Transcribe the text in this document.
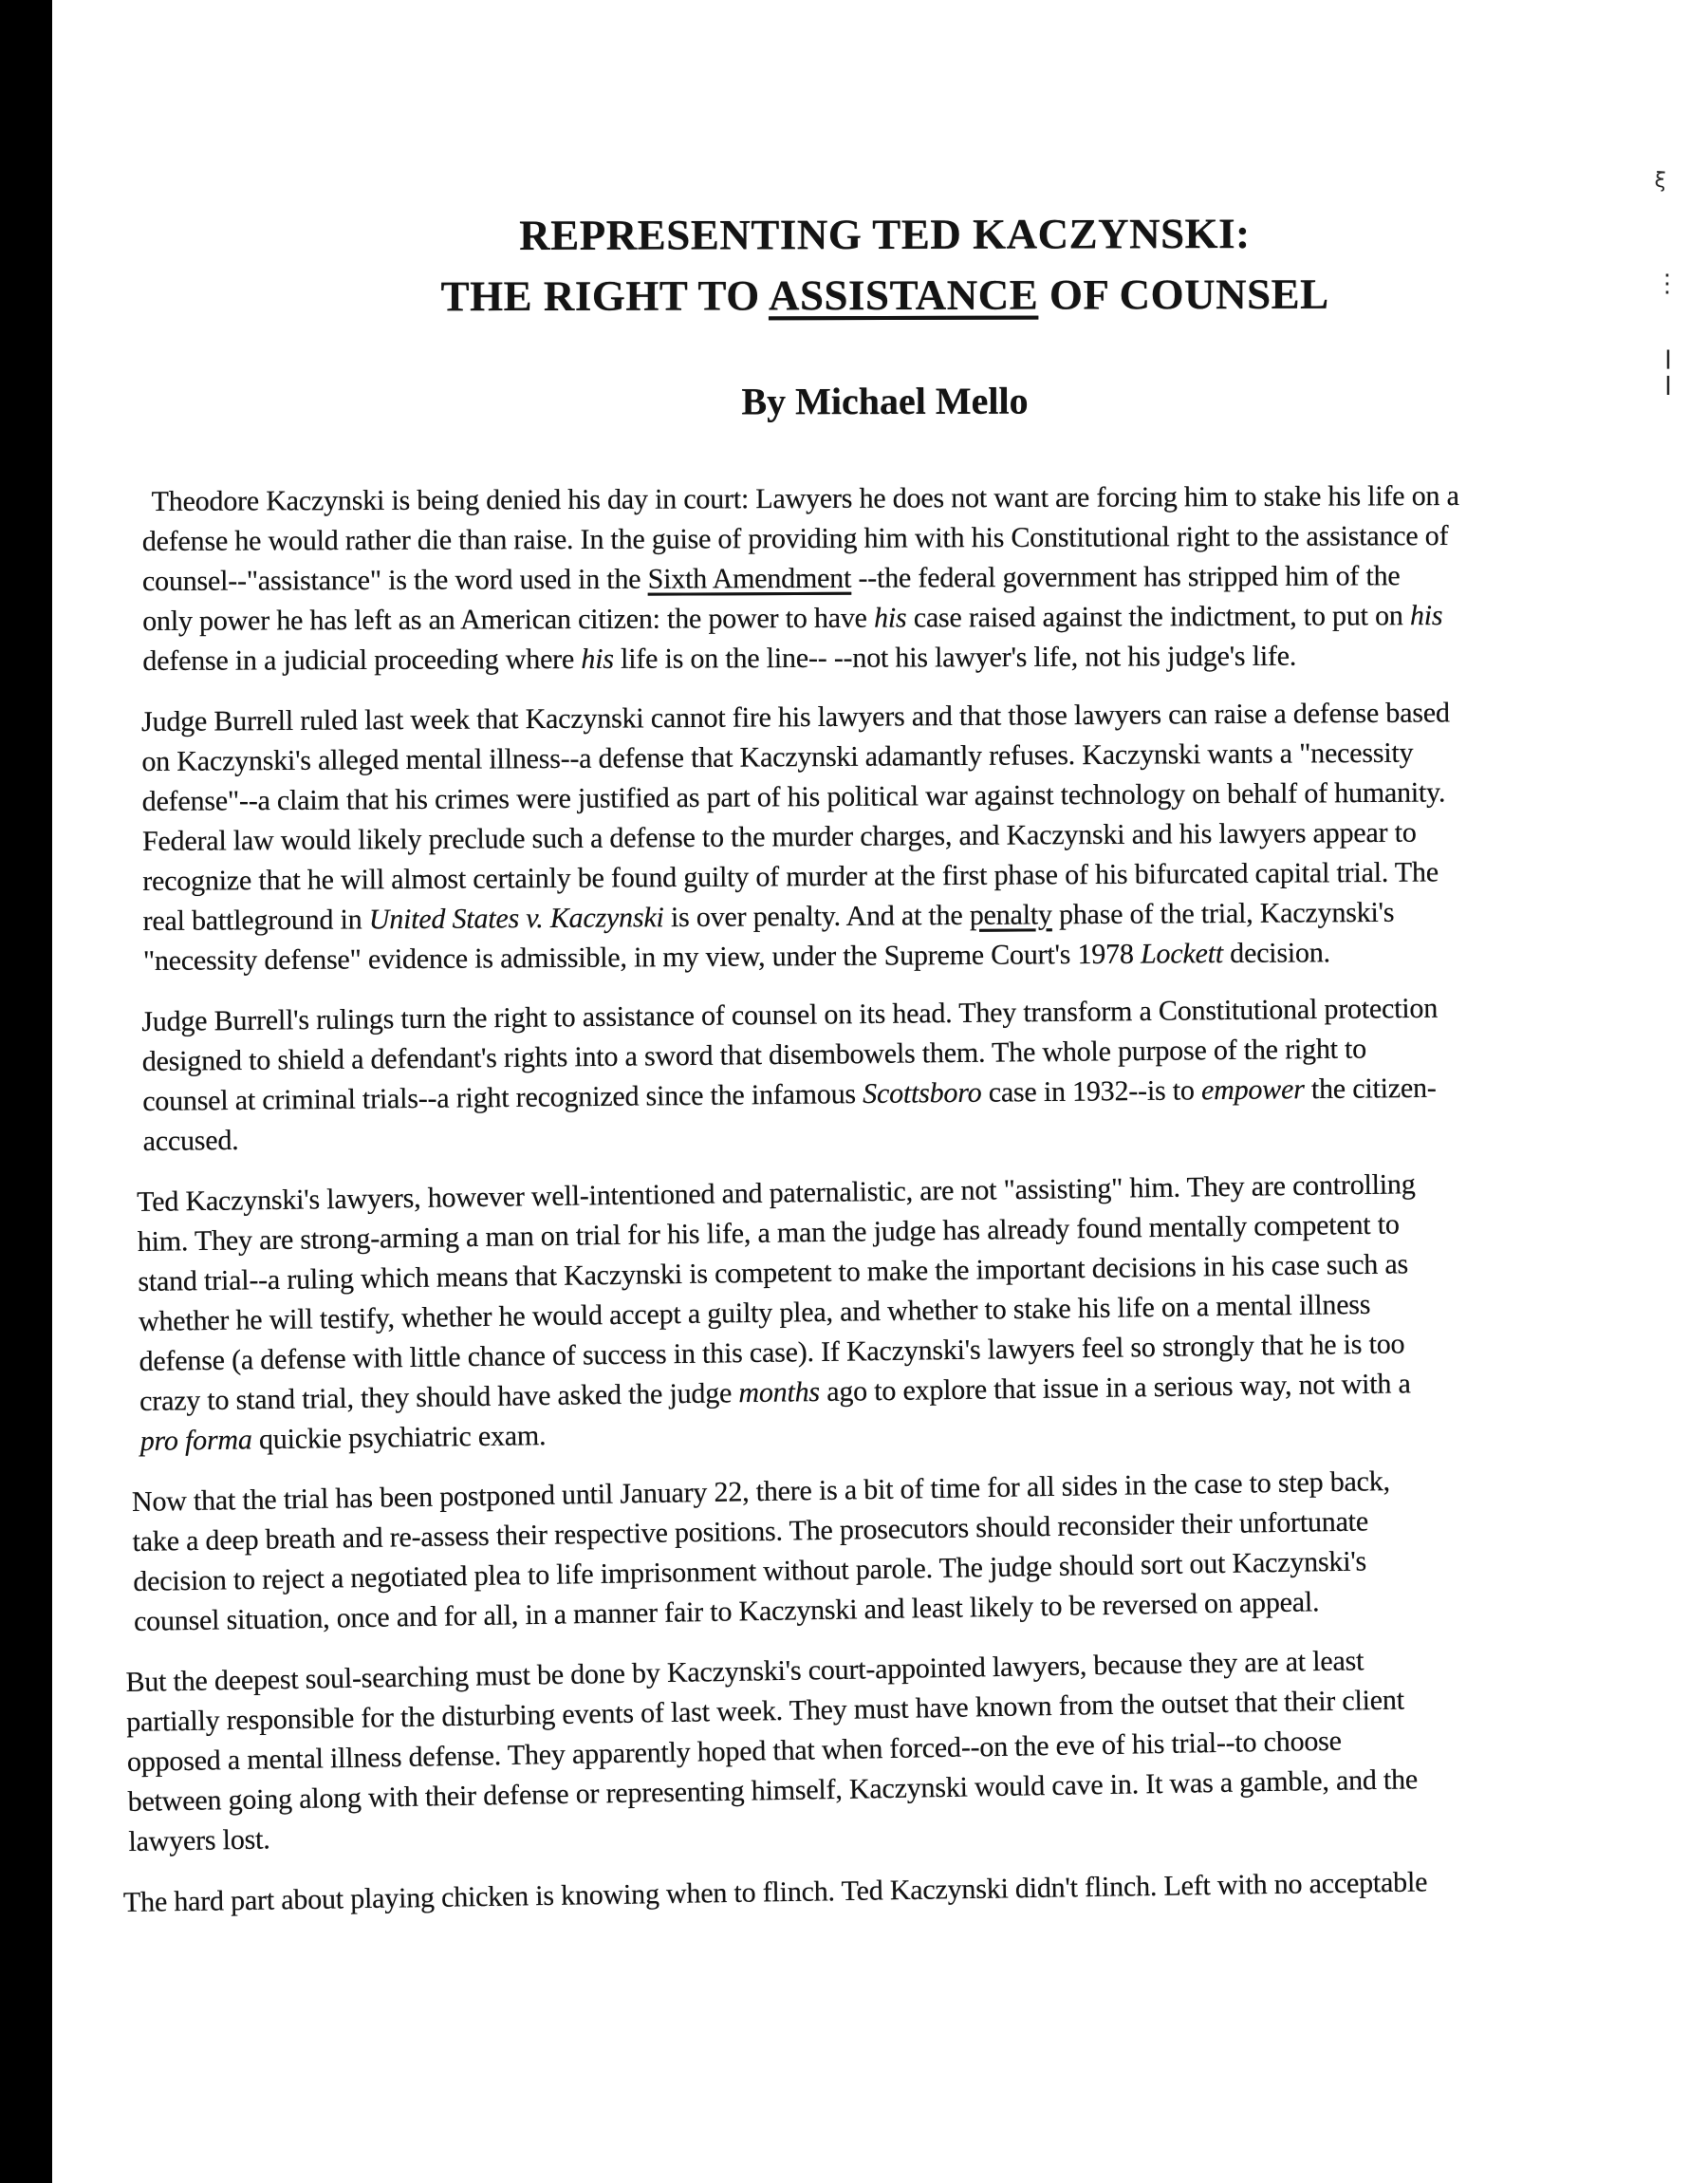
REPRESENTING TED KACZYNSKI:
THE RIGHT TO ASSISTANCE OF COUNSEL
By Michael Mello
Theodore Kaczynski is being denied his day in court: Lawyers he does not want are forcing him to stake his life on a
defense he would rather die than raise. In the guise of providing him with his Constitutional right to the assistance of
counsel--"assistance" is the word used in the Sixth Amendment --the federal government has stripped him of the
only power he has left as an American citizen: the power to have his case raised against the indictment, to put on his
defense in a judicial proceeding where his life is on the line-- --not his lawyer's life, not his judge's life.
Judge Burrell ruled last week that Kaczynski cannot fire his lawyers and that those lawyers can raise a defense based
on Kaczynski's alleged mental illness--a defense that Kaczynski adamantly refuses. Kaczynski wants a "necessity
defense"--a claim that his crimes were justified as part of his political war against technology on behalf of humanity.
Federal law would likely preclude such a defense to the murder charges, and Kaczynski and his lawyers appear to
recognize that he will almost certainly be found guilty of murder at the first phase of his bifurcated capital trial. The
real battleground in United States v. Kaczynski is over penalty. And at the penalty phase of the trial, Kaczynski's
"necessity defense" evidence is admissible, in my view, under the Supreme Court's 1978 Lockett decision.
Judge Burrell's rulings turn the right to assistance of counsel on its head. They transform a Constitutional protection
designed to shield a defendant's rights into a sword that disembowels them. The whole purpose of the right to
counsel at criminal trials--a right recognized since the infamous Scottsboro case in 1932--is to empower the citizen-
accused.
Ted Kaczynski's lawyers, however well-intentioned and paternalistic, are not "assisting" him. They are controlling
him. They are strong-arming a man on trial for his life, a man the judge has already found mentally competent to
stand trial--a ruling which means that Kaczynski is competent to make the important decisions in his case such as
whether he will testify, whether he would accept a guilty plea, and whether to stake his life on a mental illness
defense (a defense with little chance of success in this case). If Kaczynski's lawyers feel so strongly that he is too
crazy to stand trial, they should have asked the judge months ago to explore that issue in a serious way, not with a
pro forma quickie psychiatric exam.
Now that the trial has been postponed until January 22, there is a bit of time for all sides in the case to step back,
take a deep breath and re-assess their respective positions. The prosecutors should reconsider their unfortunate
decision to reject a negotiated plea to life imprisonment without parole. The judge should sort out Kaczynski's
counsel situation, once and for all, in a manner fair to Kaczynski and least likely to be reversed on appeal.
But the deepest soul-searching must be done by Kaczynski's court-appointed lawyers, because they are at least
partially responsible for the disturbing events of last week. They must have known from the outset that their client
opposed a mental illness defense. They apparently hoped that when forced--on the eve of his trial--to choose
between going along with their defense or representing himself, Kaczynski would cave in. It was a gamble, and the
lawyers lost.
The hard part about playing chicken is knowing when to flinch. Ted Kaczynski didn't flinch. Left with no acceptable
ξ
⋮
¦
